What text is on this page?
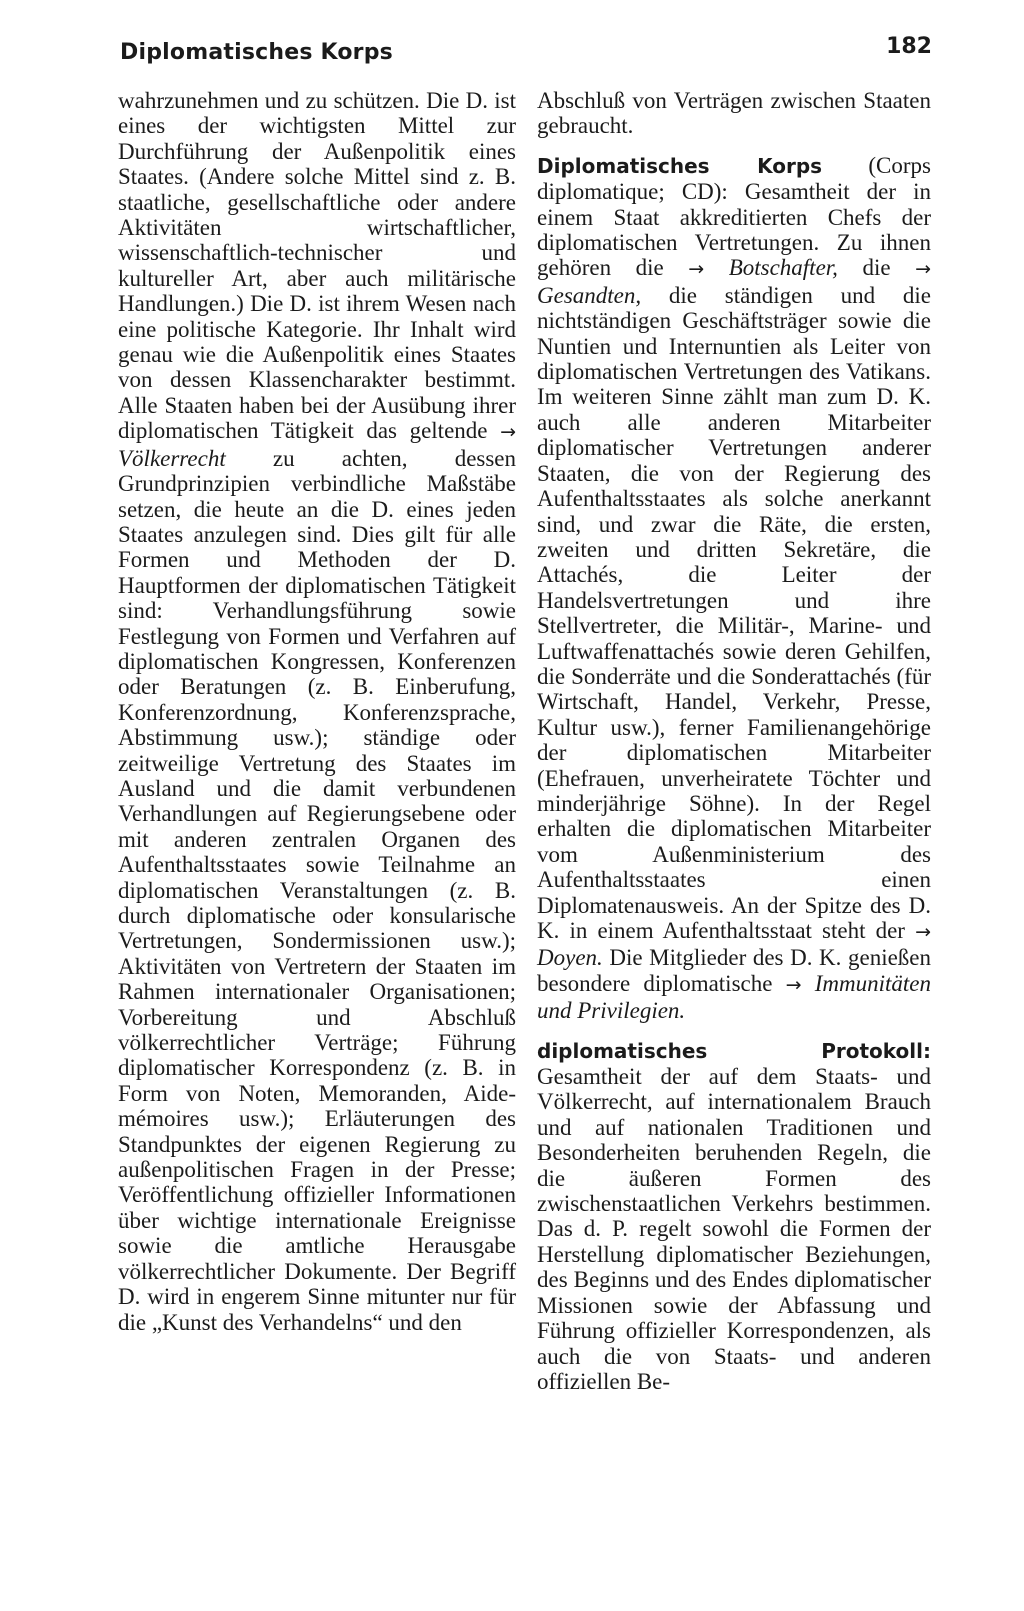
Diplomatisches Korps	182

wahrzunehmen und zu schützen. Die D. ist eines der wichtigsten Mittel zur Durchführung der Außenpolitik eines Staates. (Andere solche Mittel sind z. B. staatliche, gesellschaftliche oder andere Aktivitäten wirtschaftlicher, wissenschaftlich-technischer und kultureller Art, aber auch militärische Handlungen.) Die D. ist ihrem Wesen nach eine politische Kategorie. Ihr Inhalt wird genau wie die Außenpolitik eines Staates von dessen Klassencharakter bestimmt. Alle Staaten haben bei der Ausübung ihrer diplomatischen Tätigkeit das geltende → Völkerrecht zu achten, dessen Grundprinzipien verbindliche Maßstäbe setzen, die heute an die D. eines jeden Staates anzulegen sind. Dies gilt für alle Formen und Methoden der D. Hauptformen der diplomatischen Tätigkeit sind: Verhandlungsführung sowie Festlegung von Formen und Verfahren auf diplomatischen Kongressen, Konferenzen oder Beratungen (z. B. Einberufung, Konferenzordnung, Konferenzsprache, Abstimmung usw.); ständige oder zeitweilige Vertretung des Staates im Ausland und die damit verbundenen Verhandlungen auf Regierungsebene oder mit anderen zentralen Organen des Aufenthaltsstaates sowie Teilnahme an diplomatischen Veranstaltungen (z. B. durch diplomatische oder konsularische Vertretungen, Sondermissionen usw.); Aktivitäten von Vertretern der Staaten im Rahmen internationaler Organisationen; Vorbereitung und Abschluß völkerrechtlicher Verträge; Führung diplomatischer Korrespondenz (z. B. in Form von Noten, Memoranden, Aide-mémoires usw.); Erläuterungen des Standpunktes der eigenen Regierung zu außenpolitischen Fragen in der Presse; Veröffentlichung offizieller Informationen über wichtige internationale Ereignisse sowie die amtliche Herausgabe völkerrechtlicher Dokumente. Der Begriff D. wird in engerem Sinne mitunter nur für die „Kunst des Verhandelns“ und den

Abschluß von Verträgen zwischen Staaten gebraucht.

Diplomatisches Korps (Corps diplomatique; CD): Gesamtheit der in einem Staat akkreditierten Chefs der diplomatischen Vertretungen. Zu ihnen gehören die → Botschafter, die → Gesandten, die ständigen und die nichtständigen Geschäftsträger sowie die Nuntien und Internuntien als Leiter von diplomatischen Vertretungen des Vatikans. Im weiteren Sinne zählt man zum D. K. auch alle anderen Mitarbeiter diplomatischer Vertretungen anderer Staaten, die von der Regierung des Aufenthaltsstaates als solche anerkannt sind, und zwar die Räte, die ersten, zweiten und dritten Sekretäre, die Attachés, die Leiter der Handelsvertretungen und ihre Stellvertreter, die Militär-, Marine- und Luftwaffenattachés sowie deren Gehilfen, die Sonderräte und die Sonderattachés (für Wirtschaft, Handel, Verkehr, Presse, Kultur usw.), ferner Familienangehörige der diplomatischen Mitarbeiter (Ehefrauen, unverheiratete Töchter und minderjährige Söhne). In der Regel erhalten die diplomatischen Mitarbeiter vom Außenministerium des Aufenthaltsstaates einen Diplomatenausweis. An der Spitze des D. K. in einem Aufenthaltsstaat steht der → Doyen. Die Mitglieder des D. K. genießen besondere diplomatische → Immunitäten und Privilegien.

diplomatisches Protokoll: Gesamtheit der auf dem Staats- und Völkerrecht, auf internationalem Brauch und auf nationalen Traditionen und Besonderheiten beruhenden Regeln, die die äußeren Formen des zwischenstaatlichen Verkehrs bestimmen. Das d. P. regelt sowohl die Formen der Herstellung diplomatischer Beziehungen, des Beginns und des Endes diplomatischer Missionen sowie der Abfassung und Führung offizieller Korrespondenzen, als auch die von Staats- und anderen offiziellen Be-
